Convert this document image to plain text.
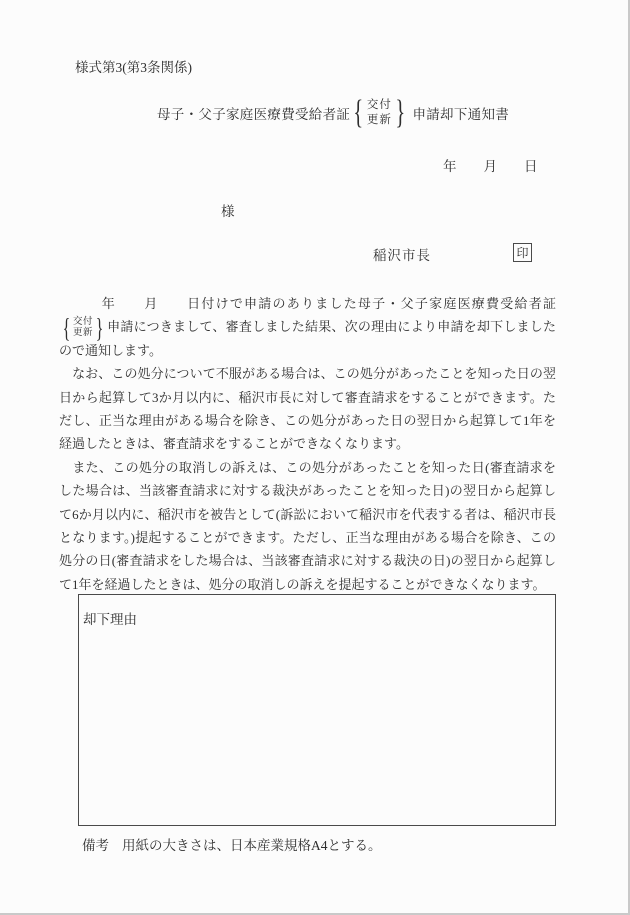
様式第3(第3条関係)
母子・父子家庭医療費受給者証
{
交付
更新 } 申請却下通知書
年　　月　　日
様
稲沢市長	印

　　　年　　月　　日付けで申請のありました母子・父子家庭医療費受給者証
{
交付
更新 } 申請につきまして、審査しました結果、次の理由により申請を却下しましたので通知します。

　なお、この処分について不服がある場合は、この処分があったことを知った日の翌日から起算して3か月以内に、稲沢市長に対して審査請求をすることができます。ただし、正当な理由がある場合を除き、この処分があった日の翌日から起算して1年を経過したときは、審査請求をすることができなくなります。

　また、この処分の取消しの訴えは、この処分があったことを知った日(審査請求をした場合は、当該審査請求に対する裁決があったことを知った日)の翌日から起算して6か月以内に、稲沢市を被告として(訴訟において稲沢市を代表する者は、稲沢市長となります。)提起することができます。ただし、正当な理由がある場合を除き、この処分の日(審査請求をした場合は、当該審査請求に対する裁決の日)の翌日から起算して1年を経過したときは、処分の取消しの訴えを提起することができなくなります。

却下理由
備考 用紙の大きさは、日本産業規格A4とする。
